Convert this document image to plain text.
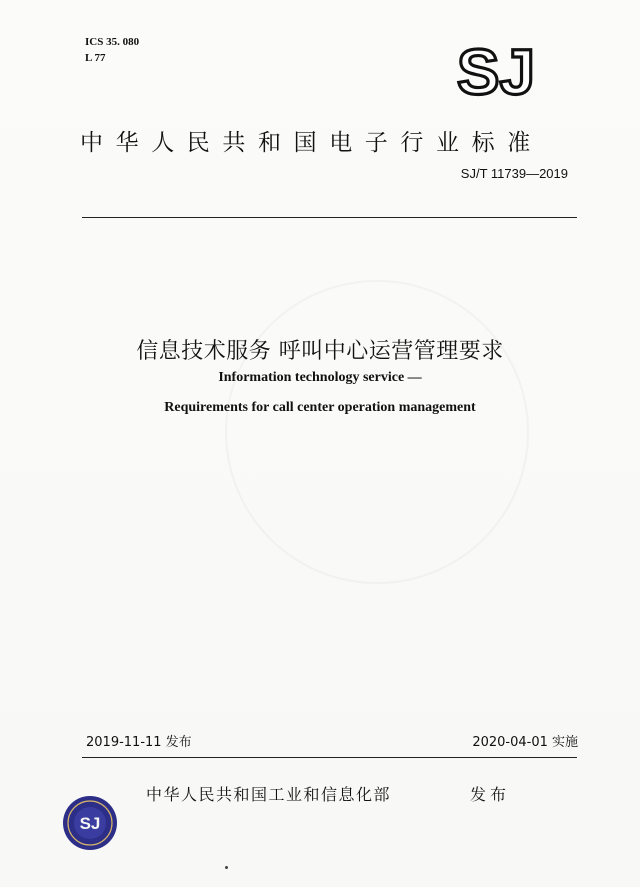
ICS 35. 080
L 77	SJ
中华人民共和国电子行业标准
SJ/T 11739—2019
信息技术服务 呼叫中心运营管理要求
Information technology service —
Requirements for call center operation management
2019-11-11 发布	2020-04-01 实施
SJ
中华人民共和国工业和信息化部	发布
